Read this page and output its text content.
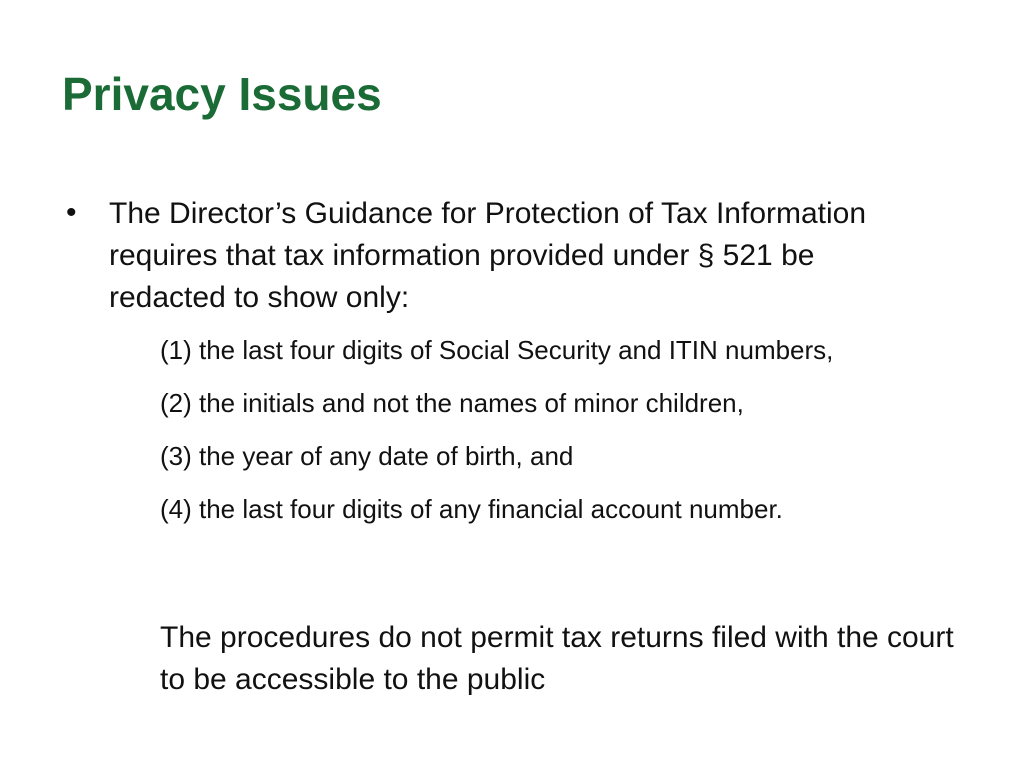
Privacy Issues
• The Director’s Guidance for Protection of Tax Information requires that tax information provided under § 521 be redacted to show only:
(1) the last four digits of Social Security and ITIN numbers,
(2) the initials and not the names of minor children,
(3) the year of any date of birth, and
(4) the last four digits of any financial account number.
The procedures do not permit tax returns filed with the court to be accessible to the public
